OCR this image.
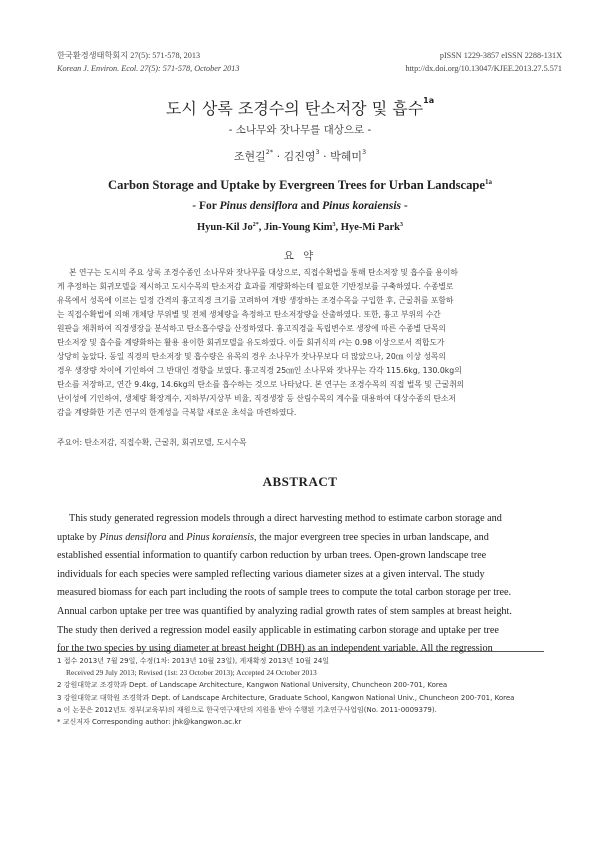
한국환경생태학회지 27(5): 571-578, 2013
Korean J. Environ. Ecol. 27(5): 571-578, October 2013
pISSN 1229-3857 eISSN 2288-131X
http://dx.doi.org/10.13047/KJEE.2013.27.5.571
도시 상록 조경수의 탄소저장 및 흡수$^{1a}$
- 소나무와 잣나무를 대상으로 -
조현길$^{2*}$ · 김진영$^3$ · 박혜미$^3$
Carbon Storage and Uptake by Evergreen Trees for Urban Landscape$^{1a}$
- For Pinus densiflora and Pinus koraiensis -
Hyun-Kil $Jo^{2*}$, Jin-Young Kim$^3$, Hye-Mi Park$^3$
요 약
본 연구는 도시의 주요 상록 조경수종인 소나무와 잣나무를 대상으로, 직접수확법을 통해 탄소저장 및 흡수를 용이하
게 추정하는 회귀모델을 제시하고 도시수목의 탄소저감 효과를 계량화하는데 필요한 기반정보를 구축하였다. 수종별로
유목에서 성목에 이르는 일정 간격의 흉고직경 크기를 고려하여 개방 생장하는 조경수목을 구입한 후, 근굴취를 포함하
는 직접수확법에 의해 개체당 부위별 및 전체 생체량을 측정하고 탄소저장량을 산출하였다. 또한, 흉고 부위의 수간
원판을 채취하여 직경생장을 분석하고 탄소흡수량을 산정하였다. 흉고직경을 독립변수로 생장에 따른 수종별 단목의
탄소저장 및 흡수를 계량화하는 활용 용이한 회귀모델을 유도하였다. 이들 회귀식의 r²는 0.98 이상으로서 적합도가
상당히 높았다. 동일 직경의 탄소저장 및 흡수량은 유목의 경우 소나무가 잣나무보다 더 많았으나, 20㎝ 이상 성목의
경우 생장량 차이에 기인하여 그 반대인 경향을 보였다. 흉고직경 25㎝인 소나무와 잣나무는 각각 115.6kg, 130.0kg의
탄소를 저장하고, 연간 9.4kg, 14.6kg의 탄소를 흡수하는 것으로 나타났다. 본 연구는 조경수목의 직접 벌목 및 근굴취의
난이성에 기인하여, 생체량 확장계수, 지하부/지상부 비율, 직경생장 등 산림수목의 계수를 대용하여 대상수종의 탄소저
감을 계량화한 기존 연구의 한계성을 극복할 새로운 초석을 마련하였다.
주요어: 탄소저감, 직접수확, 근굴취, 회귀모델, 도시수목
ABSTRACT
This study generated regression models through a direct harvesting method to estimate carbon storage and
uptake by Pinus densiflora and Pinus koraiensis, the major evergreen tree species in urban landscape, and
established essential information to quantify carbon reduction by urban trees. Open-grown landscape tree
individuals for each species were sampled reflecting various diameter sizes at a given interval. The study
measured biomass for each part including the roots of sample trees to compute the total carbon storage per tree.
Annual carbon uptake per tree was quantified by analyzing radial growth rates of stem samples at breast height.
The study then derived a regression model easily applicable in estimating carbon storage and uptake per tree
for the two species by using diameter at breast height (DBH) as an independent variable. All the regression
1 접수 2013년 7월 29일, 수정(1차: 2013년 10월 23일), 게재확정 2013년 10월 24일
Received 29 July 2013; Revised (1st: 23 October 2013); Accepted 24 October 2013
2 강원대학교 조경학과 Dept. of Landscape Architecture, Kangwon National University, Chuncheon 200-701, Korea
3 강원대학교 대학원 조경학과 Dept. of Landscape Architecture, Graduate School, Kangwon National Univ., Chuncheon 200-701, Korea
a 이 논문은 2012년도 정부(교육부)의 재원으로 한국연구재단의 지원을 받아 수행된 기초연구사업임(No. 2011-0009379).
* 교신저자 Corresponding author: jhk@kangwon.ac.kr
